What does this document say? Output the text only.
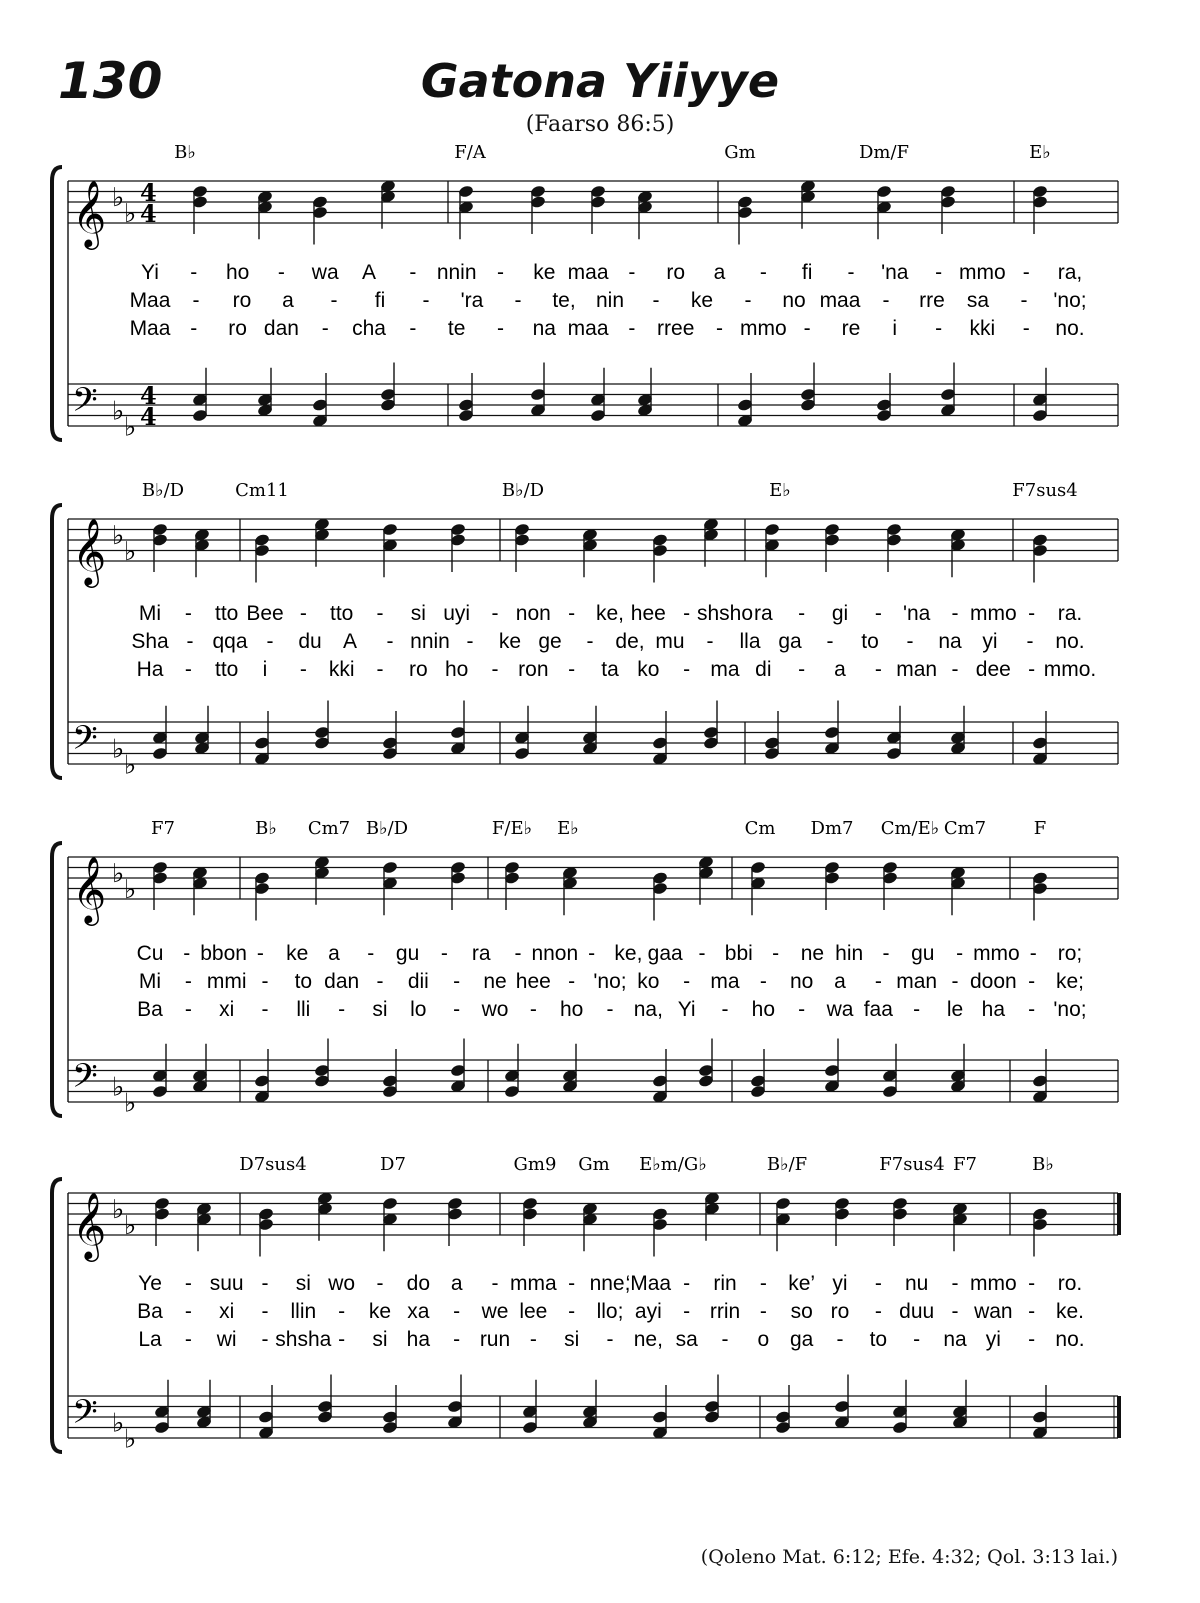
130	Gatona Yiiyye
(Faarso 86:5)
B♭	F/A	Gm	Dm/F	E♭
𝄞
𝄢
♭
♭
♭
♭
4
4
4
4
Yi - ho - wa A - nnin - ke maa - ro a - fi - 'na - mmo - ra,
Maa - ro a - fi - 'ra - te, nin - ke - no maa - rre sa - 'no;
Maa - ro dan - cha - te - na maa - rree - mmo - re i - kki - no.
B♭/D	Cm11	B♭/D	E♭	F7sus4
𝄞
𝄢
♭
♭
♭
♭
Mi - tto Bee - tto - si uyi - non - ke, hee - shsho ra - gi - 'na - mmo - ra.
Sha - qqa - du A - nnin - ke ge - de, mu - lla ga - to - na yi - no.
Ha - tto i - kki - ro ho - ron - ta ko - ma di - a - man - dee - mmo.
F7	B♭ Cm7 B♭/D	F/E♭ E♭	Cm Dm7 Cm/E♭ Cm7	F
𝄞
𝄢
♭
♭
♭
♭
Cu - bbon - ke a - gu - ra - nnon - ke, gaa - bbi - ne hin - gu - mmo - ro;
Mi - mmi - to dan - dii - ne hee - 'no; ko - ma - no a - man - doon - ke;
Ba - xi - lli - si lo - wo - ho - na, Yi - ho - wa faa - le ha - 'no;
D7sus4	D7	Gm9 Gm E♭m/G♭	B♭/F	F7sus4 F7	B♭
𝄞
𝄢
♭
♭
♭
♭
Ye - suu - si wo - do a - mma - nne,
‘Maa - rin - ke’ yi - nu - mmo - ro.
Ba - xi - llin - ke xa - we lee - llo; ayi - rrin - so ro - duu - wan - ke.
La - wi - shsha - si ha - run - si - ne, sa - o ga - to - na yi - no.
(Qoleno Mat. 6:12; Efe. 4:32; Qol. 3:13 lai.)
